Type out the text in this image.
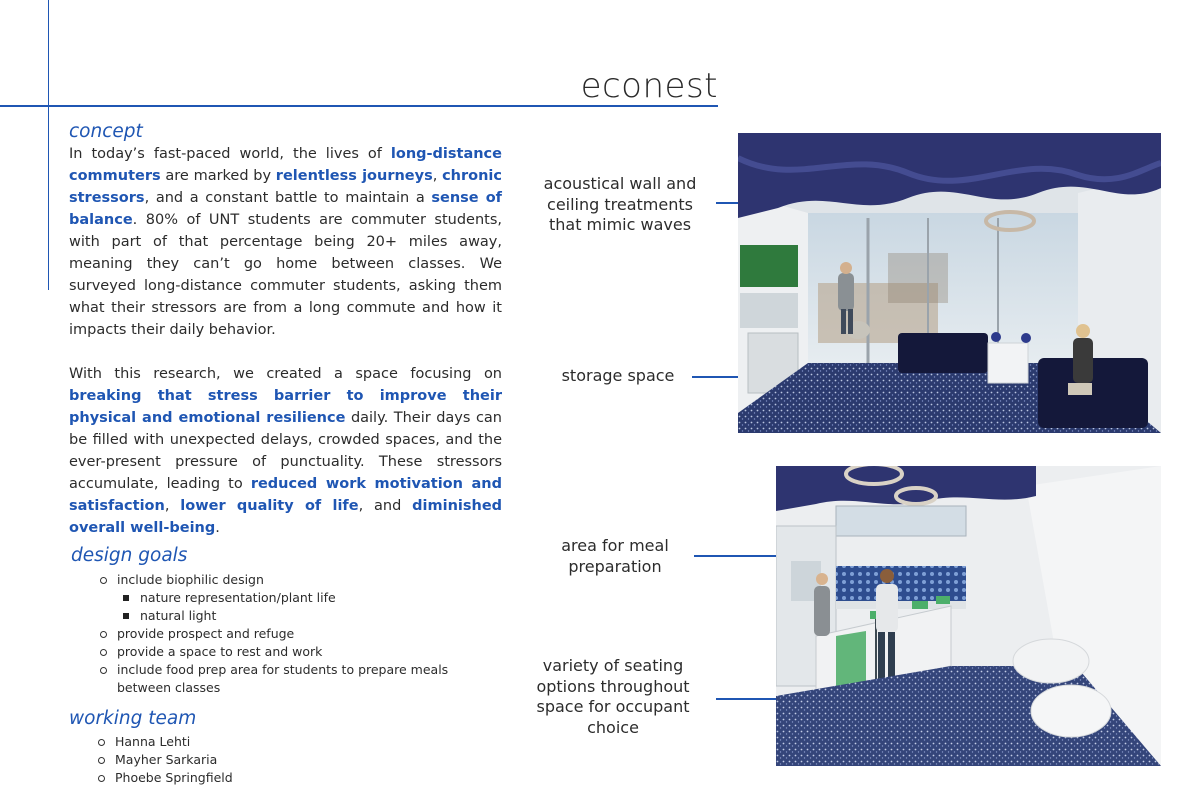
econest
concept
In today’s fast-paced world, the lives of long-distance commuters are marked by relentless journeys, chronic stressors, and a constant battle to maintain a sense of balance. 80% of UNT students are commuter students, with part of that percentage being 20+ miles away, meaning they can’t go home between classes. We surveyed long-distance commuter students, asking them what their stressors are from a long commute and how it impacts their daily behavior.
With this research, we created a space focusing on breaking that stress barrier to improve their physical and emotional resilience daily. Their days can be filled with unexpected delays, crowded spaces, and the ever-present pressure of punctuality. These stressors accumulate, leading to reduced work motivation and satisfaction, lower quality of life, and diminished overall well-being.
design goals
include biophilic design
nature representation/plant life
natural light
provide prospect and refuge
provide a space to rest and work
include food prep area for students to prepare meals between classes
working team
Hanna Lehti
Mayher Sarkaria
Phoebe Springfield
acoustical wall and ceiling treatments that mimic waves
storage space
area for meal preparation
variety of seating options throughout space for occupant choice
